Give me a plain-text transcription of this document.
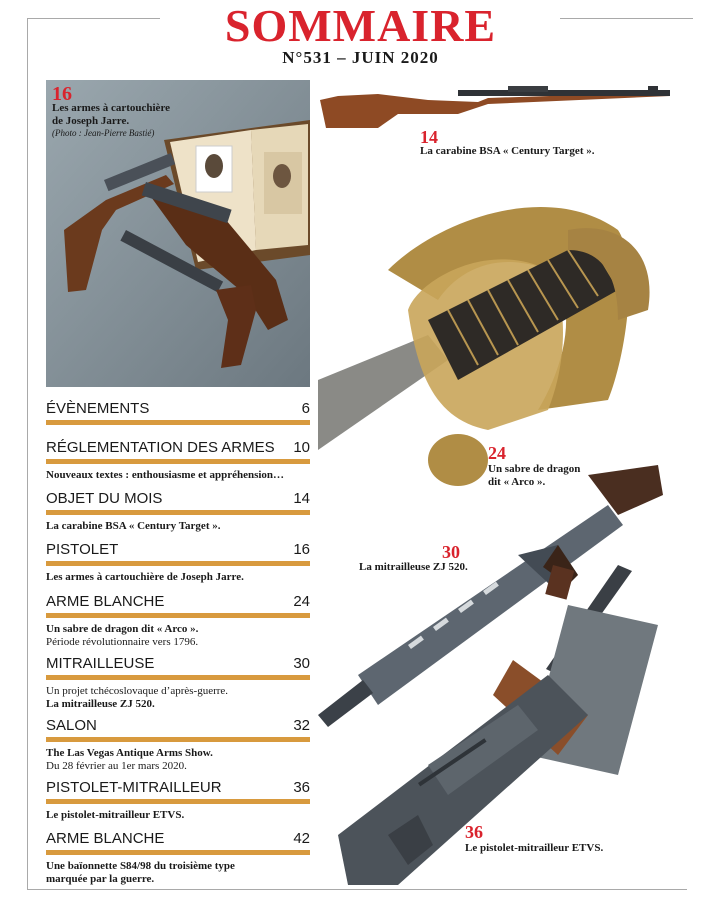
SOMMAIRE
N°531 – JUIN 2020
16
Les armes à cartouchière
de Joseph Jarre.
(Photo : Jean-Pierre Bastié)	14
La carabine BSA « Century Target ».
24
Un sabre de dragon
dit « Arco ».
30
La mitrailleuse ZJ 520.
36
Le pistolet-mitrailleur ETVS.
ÉVÈNEMENTS	6
RÉGLEMENTATION DES ARMES 10
Nouveaux textes : enthousiasme et appréhension…
OBJET DU MOIS	14
La carabine BSA « Century Target ».
PISTOLET	16
Les armes à cartouchière de Joseph Jarre.
ARME BLANCHE	24
Un sabre de dragon dit « Arco ».
Période révolutionnaire vers 1796.
MITRAILLEUSE	30
Un projet tchécoslovaque d’après-guerre.
La mitrailleuse ZJ 520.
SALON	32
The Las Vegas Antique Arms Show.
Du 28 février au 1er mars 2020.
PISTOLET-MITRAILLEUR	36
Le pistolet-mitrailleur ETVS.
ARME BLANCHE	42
Une baïonnette S84/98 du troisième type
marquée par la guerre.
